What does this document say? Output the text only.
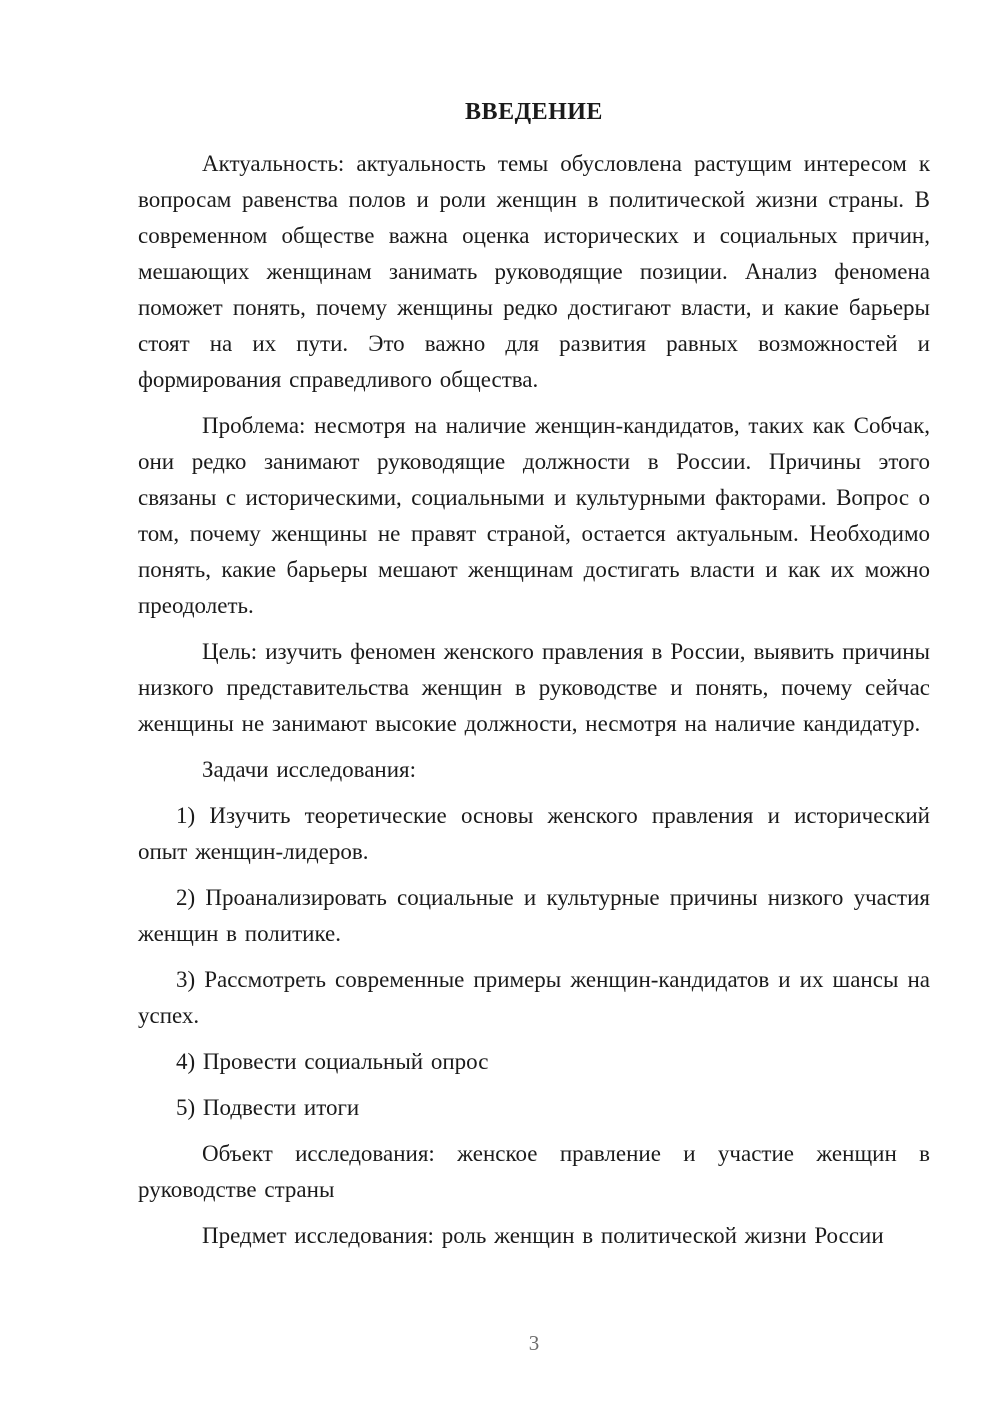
ВВЕДЕНИЕ

Актуальность: актуальность темы обусловлена растущим интересом к вопросам равенства полов и роли женщин в политической жизни страны. В современном обществе важна оценка исторических и социальных причин, мешающих женщинам занимать руководящие позиции. Анализ феномена поможет понять, почему женщины редко достигают власти, и какие барьеры стоят на их пути. Это важно для развития равных возможностей и формирования справедливого общества.

Проблема: несмотря на наличие женщин-кандидатов, таких как Собчак, они редко занимают руководящие должности в России. Причины этого связаны с историческими, социальными и культурными факторами. Вопрос о том, почему женщины не правят страной, остается актуальным. Необходимо понять, какие барьеры мешают женщинам достигать власти и как их можно преодолеть.

Цель: изучить феномен женского правления в России, выявить причины низкого представительства женщин в руководстве и понять, почему сейчас женщины не занимают высокие должности, несмотря на наличие кандидатур.

Задачи исследования:

1) Изучить теоретические основы женского правления и исторический опыт женщин-лидеров.

2) Проанализировать социальные и культурные причины низкого участия женщин в политике.

3) Рассмотреть современные примеры женщин-кандидатов и их шансы на успех.

4) Провести социальный опрос

5) Подвести итоги

Объект исследования: женское правление и участие женщин в руководстве страны

Предмет исследования: роль женщин в политической жизни России

3
